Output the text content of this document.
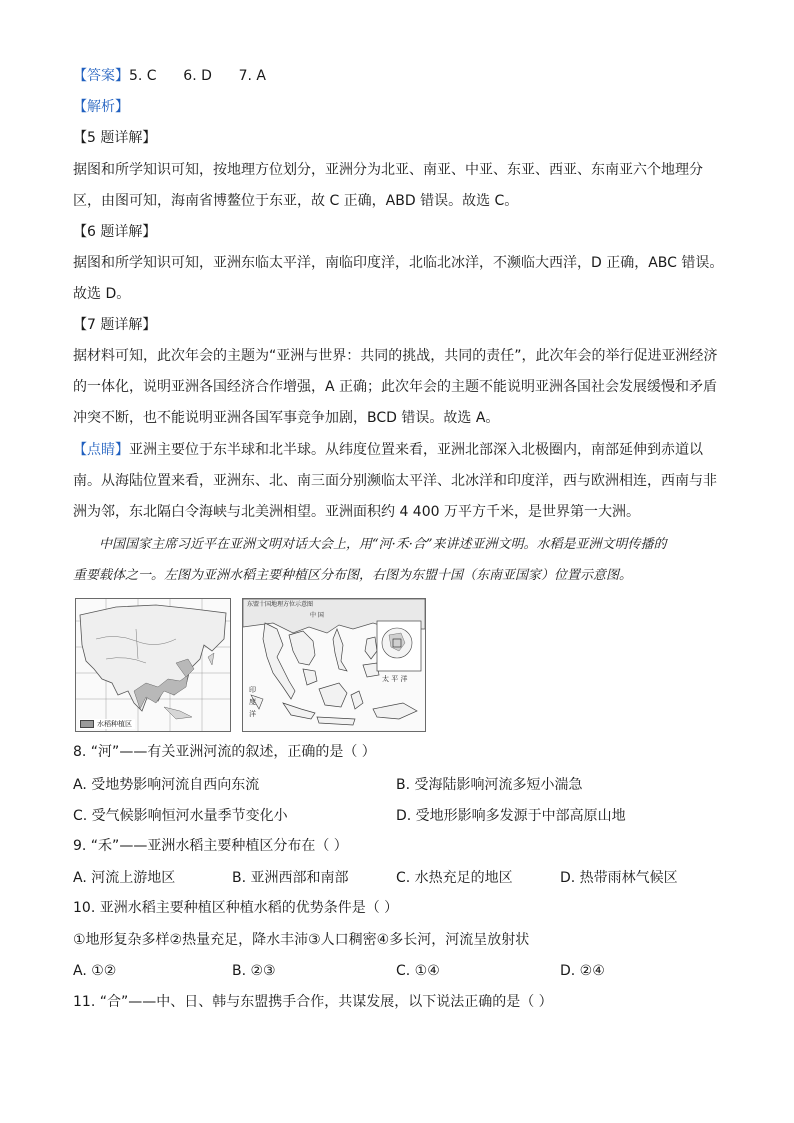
【答案】5. C      6. D      7. A
【解析】
【5 题详解】
据图和所学知识可知，按地理方位划分，亚洲分为北亚、南亚、中亚、东亚、西亚、东南亚六个地理分
区，由图可知，海南省博鳌位于东亚，故 C 正确，ABD 错误。故选 C。
【6 题详解】
据图和所学知识可知，亚洲东临太平洋，南临印度洋，北临北冰洋，不濒临大西洋，D 正确，ABC 错误。
故选 D。
【7 题详解】
据材料可知，此次年会的主题为“亚洲与世界：共同的挑战，共同的责任”，此次年会的举行促进亚洲经济
的一体化，说明亚洲各国经济合作增强，A 正确；此次年会的主题不能说明亚洲各国社会发展缓慢和矛盾
冲突不断，也不能说明亚洲各国军事竞争加剧，BCD 错误。故选 A。
【点睛】亚洲主要位于东半球和北半球。从纬度位置来看，亚洲北部深入北极圈内，南部延伸到赤道以
南。从海陆位置来看，亚洲东、北、南三面分别濒临太平洋、北冰洋和印度洋，西与欧洲相连，西南与非
洲为邻，东北隔白令海峡与北美洲相望。亚洲面积约 4 400 万平方千米，是世界第一大洲。
中国国家主席习近平在亚洲文明对话大会上，用“河·禾·合”来讲述亚洲文明。水稻是亚洲文明传播的
重要载体之一。左图为亚洲水稻主要种植区分布图，右图为东盟十国（东南亚国家）位置示意图。
水稻种植区
东盟十国地理方位示意图
中 国
太 平 洋
印
度
洋
8. “河”——有关亚洲河流的叙述，正确的是（ ）
A. 受地势影响河流自西向东流	B. 受海陆影响河流多短小湍急
C. 受气候影响恒河水量季节变化小	D. 受地形影响多发源于中部高原山地
9. “禾”——亚洲水稻主要种植区分布在（ ）
A. 河流上游地区	B. 亚洲西部和南部	C. 水热充足的地区	D. 热带雨林气候区
10. 亚洲水稻主要种植区种植水稻的优势条件是（ ）
①地形复杂多样②热量充足，降水丰沛③人口稠密④多长河，河流呈放射状
A. ①②	B. ②③	C. ①④	D. ②④
11. “合”——中、日、韩与东盟携手合作，共谋发展，以下说法正确的是（ ）
